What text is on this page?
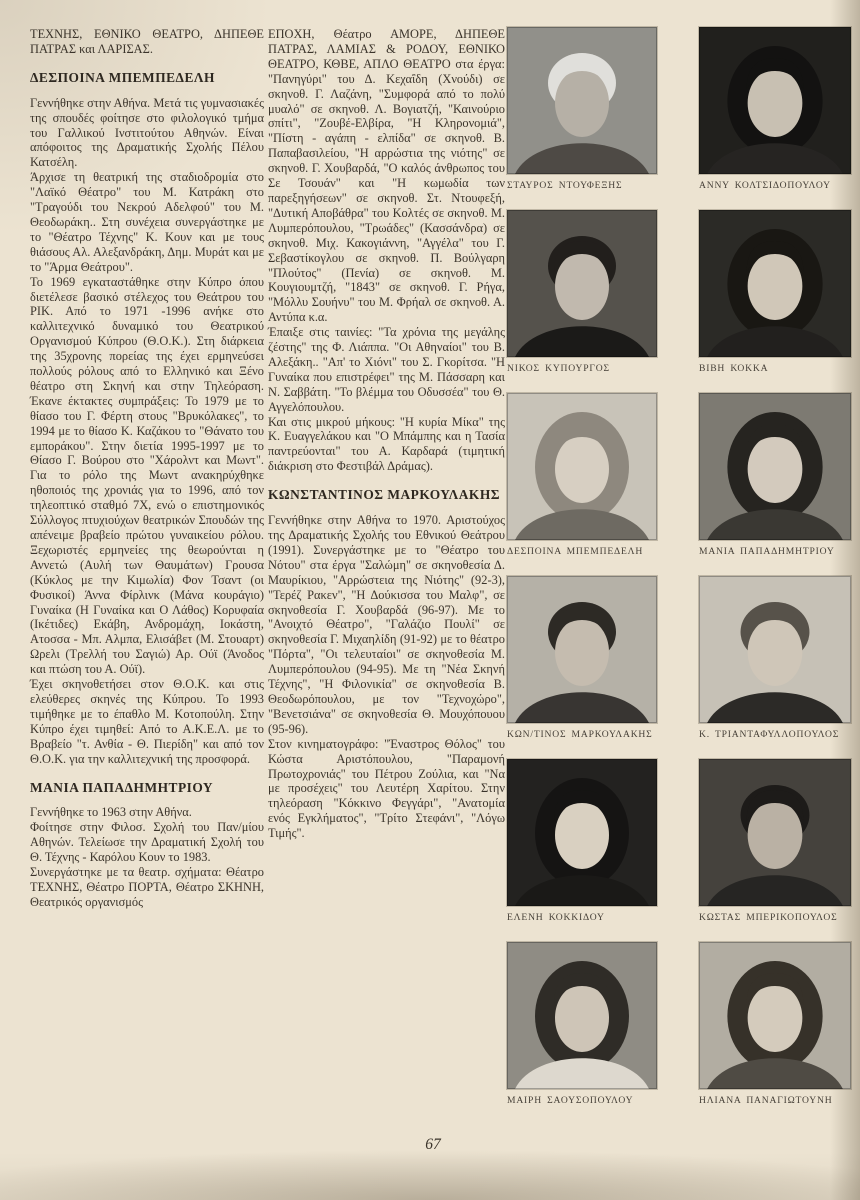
ΤΕΧΝΗΣ, ΕΘΝΙΚΟ ΘΕΑΤΡΟ, ΔΗΠΕΘΕ ΠΑΤΡΑΣ και ΛΑΡΙΣΑΣ.

ΔΕΣΠΟΙΝΑ ΜΠΕΜΠΕΔΕΛΗ

Γεννήθηκε στην Αθήνα. Μετά τις γυμνασιακές της σπουδές φοίτησε στο φιλολογικό τμήμα του Γαλλικού Ινστιτούτου Αθηνών. Είναι απόφοιτος της Δραματικής Σχολής Πέλου Κατσέλη.

Άρχισε τη θεατρική της σταδιοδρομία στο "Λαϊκό Θέατρο" του Μ. Κατράκη στο "Τραγούδι του Νεκρού Αδελφού" του Μ. Θεοδωράκη.. Στη συνέχεια συνεργάστηκε με το "Θέατρο Τέχνης" Κ. Κουν και με τους θιάσους Αλ. Αλεξανδράκη, Δημ. Μυράτ και με το "Άρμα Θεάτρου".

Το 1969 εγκαταστάθηκε στην Κύπρο όπου διετέλεσε βασικό στέλεχος του Θεάτρου του ΡΙΚ. Από το 1971 -1996 ανήκε στο καλλιτεχνικό δυναμικό του Θεατρικού Οργανισμού Κύπρου (Θ.Ο.Κ.). Στη διάρκεια της 35χρονης πορείας της έχει ερμηνεύσει πολλούς ρόλους από το Ελληνικό και Ξένο θέατρο στη Σκηνή και στην Τηλεόραση. Έκανε έκτακτες συμπράξεις: Το 1979 με το θίασο του Γ. Φέρτη στους "Βρυκόλακες", το 1994 με το θίασο Κ. Καζάκου το "Θάνατο του εμποράκου". Στην διετία 1995-1997 με το Θίασο Γ. Βούρου στο "Χάρολντ και Μωντ". Για το ρόλο της Μωντ ανακηρύχθηκε ηθοποιός της χρονιάς για το 1996, από τον τηλεοπτικό σταθμό 7Χ, ενώ ο επιστημονικός Σύλλογος πτυχιούχων θεατρικών Σπουδών της απένειμε βραβείο πρώτου γυναικείου ρόλου. Ξεχωριστές ερμηνείες της θεωρούνται η Αννετώ (Αυλή των Θαυμάτων) Γρουσα (Κύκλος με την Κιμωλία) Φον Τσαντ (οι Φυσικοί) Άννα Φίρλινκ (Μάνα κουράγιο) Γυναίκα (Η Γυναίκα και Ο Λάθος) Κορυφαία (Ικέτιδες) Εκάβη, Ανδρομάχη, Ιοκάστη, Ατοσσα - Μπ. Αλμπα, Ελισάβετ (Μ. Στουαρτ) Ωρελι (Τρελλή του Σαγιώ) Αρ. Ούϊ (Άνοδος και πτώση του Α. Ούϊ).

Έχει σκηνοθετήσει στον Θ.Ο.Κ. και στις ελεύθερες σκηνές της Κύπρου. Το 1993 τιμήθηκε με το έπαθλο Μ. Κοτοπούλη. Στην Κύπρο έχει τιμηθεί: Από το Α.Κ.Ε.Λ. με το Βραβείο "τ. Ανθία - Θ. Πιερίδη" και από τον Θ.Ο.Κ. για την καλλιτεχνική της προσφορά.

ΜΑΝΙΑ ΠΑΠΑΔΗΜΗΤΡΙΟΥ

Γεννήθηκε το 1963 στην Αθήνα.

Φοίτησε στην Φιλοσ. Σχολή του Παν/μίου Αθηνών. Τελείωσε την Δραματική Σχολή του Θ. Τέχνης - Καρόλου Κουν το 1983.

Συνεργάστηκε με τα θεατρ. σχήματα: Θέατρο ΤΕΧΝΗΣ, Θέατρο ΠΟΡΤΑ, Θέατρο ΣΚΗΝΗ, Θεατρικός οργανισμός

ΕΠΟΧΗ, Θέατρο ΑΜΟΡΕ, ΔΗΠΕΘΕ ΠΑΤΡΑΣ, ΛΑΜΙΑΣ & ΡΟΔΟΥ, ΕΘΝΙΚΟ ΘΕΑΤΡΟ, ΚΘΒΕ, ΑΠΛΟ ΘΕΑΤΡΟ στα έργα: "Πανηγύρι" του Δ. Κεχαΐδη (Χνούδι) σε σκηνοθ. Γ. Λαζάνη, "Συμφορά από το πολύ μυαλό" σε σκηνοθ. Λ. Βογιατζή, "Καινούριο σπίτι", "Ζουβέ-Ελβίρα, "Η Κληρονομιά", "Πίστη - αγάπη - ελπίδα" σε σκηνοθ. Β. Παπαβασιλείου, "Η αρρώστια της νιότης" σε σκηνοθ. Γ. Χουβαρδά, "Ο καλός άνθρωπος του Σε Τσουάν" και "Η κωμωδία των παρεξηγήσεων" σε σκηνοθ. Στ. Ντουφεξή, "Δυτική Αποβάθρα" του Κολτές σε σκηνοθ. Μ. Λυμπερόπουλου, "Τρωάδες" (Κασσάνδρα) σε σκηνοθ. Μιχ. Κακογιάννη, "Αγγέλα" του Γ. Σεβαστίκογλου σε σκηνοθ. Π. Βούλγαρη "Πλούτος" (Πενία) σε σκηνοθ. Μ. Κουγιουμτζή, "1843" σε σκηνοθ. Γ. Ρήγα, "Μόλλυ Σουήνυ" του Μ. Φρήαλ σε σκηνοθ. Α. Αντύπα κ.α.

Έπαιξε στις ταινίες: "Τα χρόνια της μεγάλης ζέστης" της Φ. Λιάππα. "Οι Αθηναίοι" του Β. Αλεξάκη.. "Απ' το Χιόνι" του Σ. Γκορίτσα. "Η Γυναίκα που επιστρέφει" της Μ. Πάσσαρη και Ν. Σαββάτη. "Το βλέμμα του Οδυσσέα" του Θ. Αγγελόπουλου.

Και στις μικρού μήκους: "Η κυρία Μίκα" της Κ. Ευαγγελάκου και "Ο Μπάμπης και η Τασία παντρεύονται" του Α. Καρδαρά (τιμητική διάκριση στο Φεστιβάλ Δράμας).

ΚΩΝΣΤΑΝΤΙΝΟΣ ΜΑΡΚΟΥΛΑΚΗΣ

Γεννήθηκε στην Αθήνα το 1970. Αριστούχος της Δραματικής Σχολής του Εθνικού Θεάτρου (1991). Συνεργάστηκε με το "Θέατρο του Νότου" στα έργα "Σαλώμη" σε σκηνοθεσία Δ. Μαυρίκιου, "Αρρώστεια της Νιότης" (92-3), "Τερέζ Ρακεν", "Η Δούκισσα του Μαλφ", σε σκηνοθεσία Γ. Χουβαρδά (96-97). Με το "Ανοιχτό Θέατρο", "Γαλάζιο Πουλί" σε σκηνοθεσία Γ. Μιχαηλίδη (91-92) με το θέατρο "Πόρτα", "Οι τελευταίοι" σε σκηνοθεσία Μ. Λυμπερόπουλου (94-95). Με τη "Νέα Σκηνή Τέχνης", "Η Φιλονικία" σε σκηνοθεσία Β. Θεοδωρόπουλου, με τον "Τεχνοχώρο", "Βενετσιάνα" σε σκηνοθεσία Θ. Μουχόπουου (95-96).

Στον κινηματογράφο: "Έναστρος Θόλος" του Κώστα Αριστόπουλου, "Παραμονή Πρωτοχρονιάς" του Πέτρου Ζούλια, και "Να με προσέχεις" του Λευτέρη Χαρίτου. Στην τηλεόραση "Κόκκινο Φεγγάρι", "Ανατομία ενός Εγκλήματος", "Τρίτο Στεφάνι", "Λόγω Τιμής".

ΣΤΑΥΡΟΣ ΝΤΟΥΦΕΞΗΣ	ΑΝΝΥ ΚΟΛΤΣΙΔΟΠΟΥΛΟΥ
ΝΙΚΟΣ ΚΥΠΟΥΡΓΟΣ	ΒΙΒΗ ΚΟΚΚΑ
ΔΕΣΠΟΙΝΑ ΜΠΕΜΠΕΔΕΛΗ	ΜΑΝΙΑ ΠΑΠΑΔΗΜΗΤΡΙΟΥ
ΚΩΝ/ΤΙΝΟΣ ΜΑΡΚΟΥΛΑΚΗΣ	Κ. ΤΡΙΑΝΤΑΦΥΛΛΟΠΟΥΛΟΣ
ΕΛΕΝΗ ΚΟΚΚΙΔΟΥ	ΚΩΣΤΑΣ ΜΠΕΡΙΚΟΠΟΥΛΟΣ
ΜΑΙΡΗ ΣΑΟΥΣΟΠΟΥΛΟΥ	ΗΛΙΑΝΑ ΠΑΝΑΓΙΩΤΟΥΝΗ
67
